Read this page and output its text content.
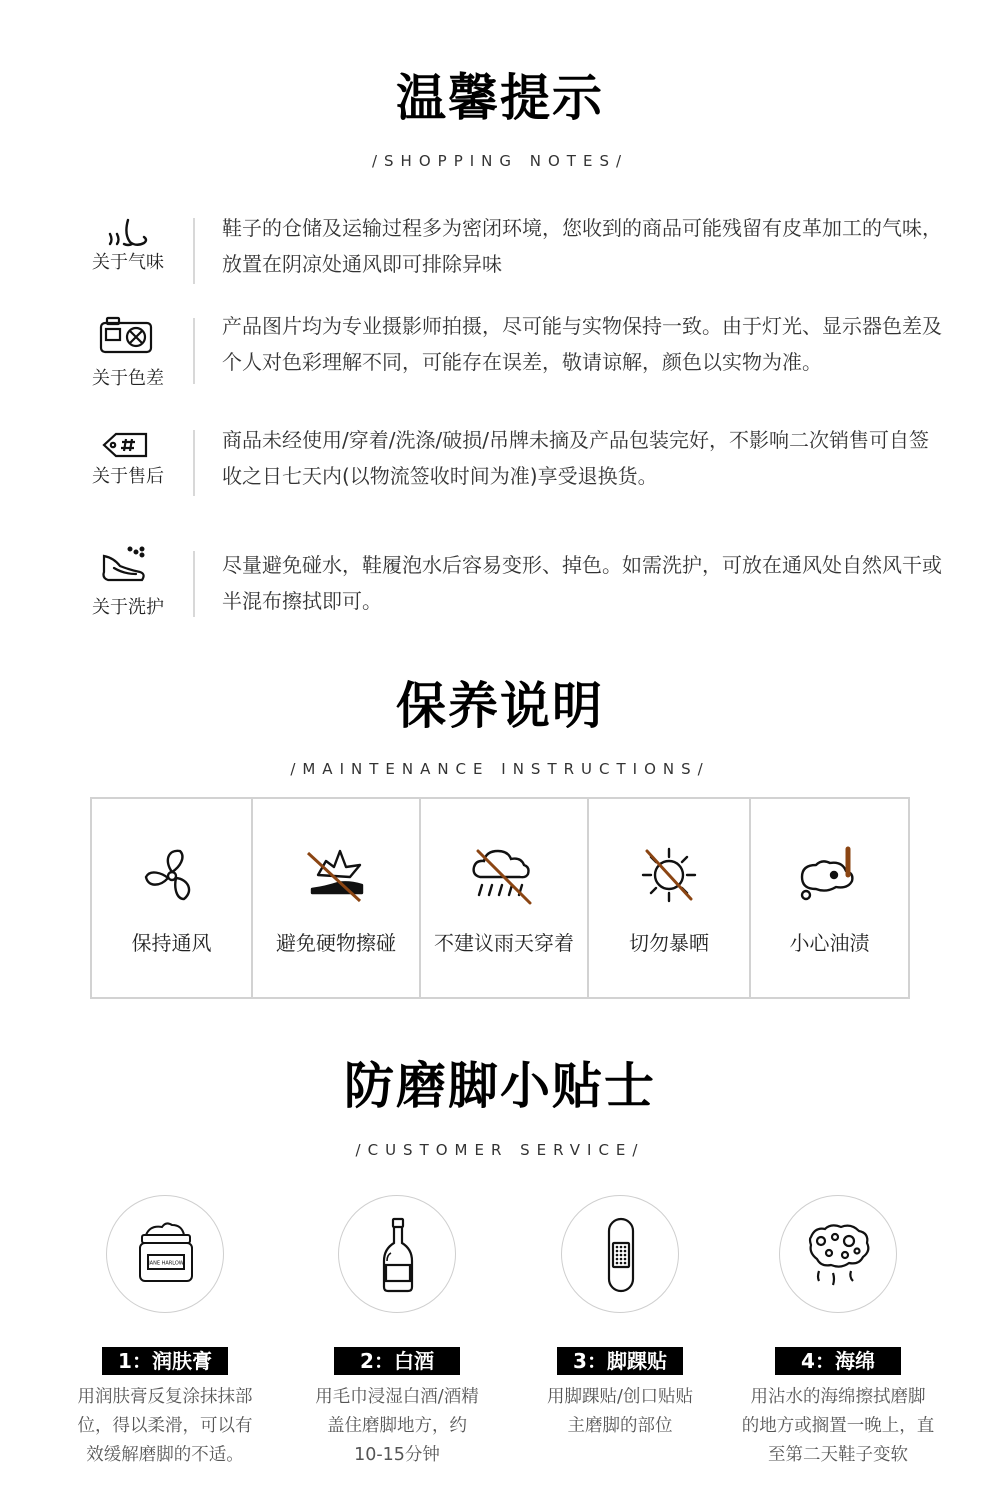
温馨提示
/SHOPPING NOTES/
关于气味
鞋子的仓储及运输过程多为密闭环境，您收到的商品可能残留有皮革加工的气味，放置在阴凉处通风即可排除异味
关于色差
产品图片均为专业摄影师拍摄，尽可能与实物保持一致。由于灯光、显示器色差及个人对色彩理解不同，可能存在误差，敬请谅解，颜色以实物为准。
关于售后
商品未经使用/穿着/洗涤/破损/吊牌未摘及产品包装完好，不影响二次销售可自签收之日七天内(以物流签收时间为准)享受退换货。
关于洗护
尽量避免碰水，鞋履泡水后容易变形、掉色。如需洗护，可放在通风处自然风干或半混布擦拭即可。
保养说明
/MAINTENANCE INSTRUCTIONS/
保持通风	避免硬物擦碰	不建议雨天穿着	切勿暴晒	小心油渍
防磨脚小贴士
/CUSTOMER SERVICE/
JANE HARLOW
1：润肤膏
用润肤膏反复涂抹抹部
位，得以柔滑，可以有
效缓解磨脚的不适。
2：白酒
用毛巾浸湿白酒/酒精
盖住磨脚地方，约
10-15分钟
3：脚踝贴
用脚踝贴/创口贴贴
主磨脚的部位
4：海绵
用沾水的海绵擦拭磨脚
的地方或搁置一晚上，直
至第二天鞋子变软
